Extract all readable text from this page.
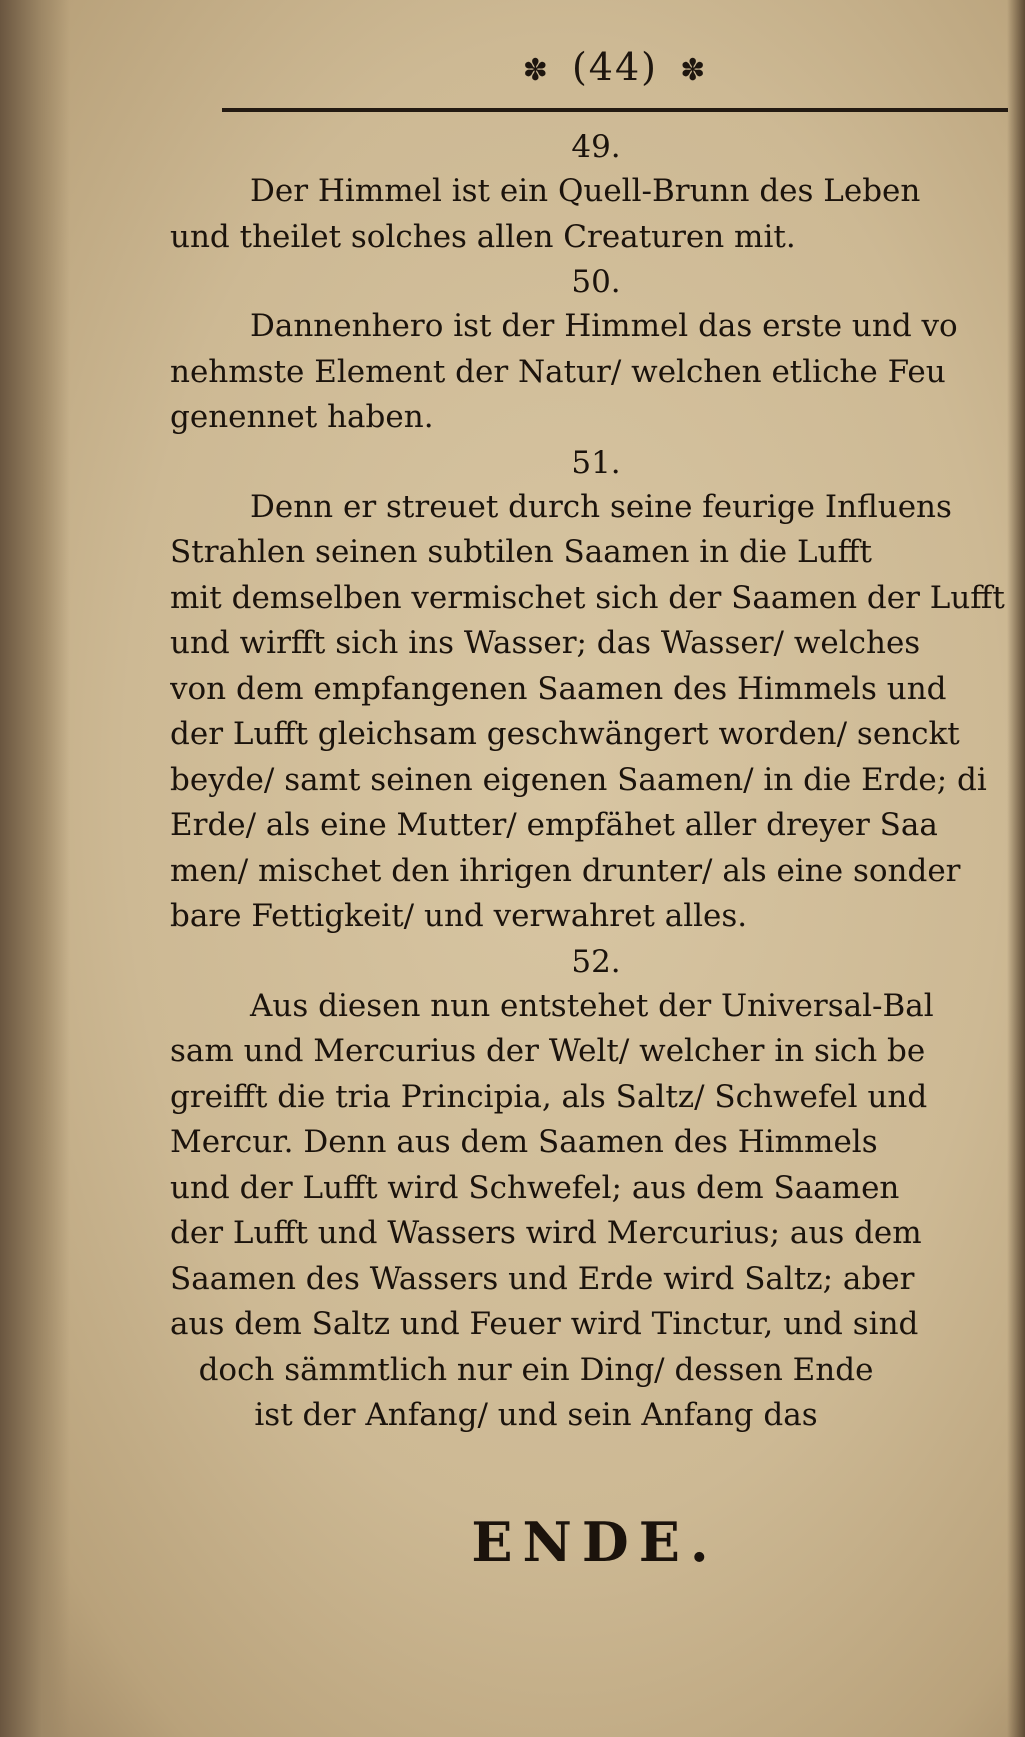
✽ (44) ✽
49.
Der Himmel ist ein Quell-Brunn des Leben
und theilet solches allen Creaturen mit.
50.
Dannenhero ist der Himmel das erste und vo
nehmste Element der Natur/ welchen etliche Feu
genennet haben.
51.
Denn er streuet durch seine feurige Influens
Strahlen seinen subtilen Saamen in die Lufft
mit demselben vermischet sich der Saamen der Lufft
und wirfft sich ins Wasser; das Wasser/ welches
von dem empfangenen Saamen des Himmels und
der Lufft gleichsam geschwängert worden/ senckt
beyde/ samt seinen eigenen Saamen/ in die Erde; di
Erde/ als eine Mutter/ empfähet aller dreyer Saa
men/ mischet den ihrigen drunter/ als eine sonder
bare Fettigkeit/ und verwahret alles.
52.
Aus diesen nun entstehet der Universal-Bal
sam und Mercurius der Welt/ welcher in sich be
greifft die tria Principia, als Saltz/ Schwefel und
Mercur. Denn aus dem Saamen des Himmels
und der Lufft wird Schwefel; aus dem Saamen
der Lufft und Wassers wird Mercurius; aus dem
Saamen des Wassers und Erde wird Saltz; aber
aus dem Saltz und Feuer wird Tinctur, und sind
doch sämmtlich nur ein Ding/ dessen Ende
ist der Anfang/ und sein Anfang das
ENDE.
